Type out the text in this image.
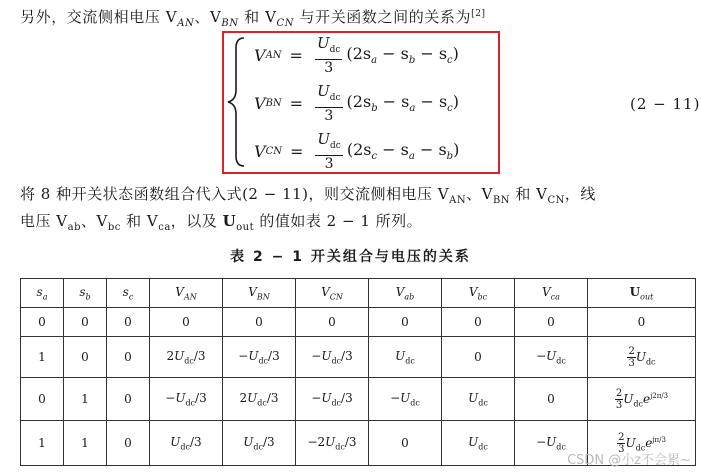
另外，交流侧相电压 $V_{AN}$、$V_{BN}$ 和 $V_{CN}$ 与开关函数之间的关系为[2]
V AN = $\frac{U_{dc}}{3} (2s_a - s_b - s_c)$
V BN = $\frac{U_{dc}}{3} (2s_b - s_a - s_c)$
V CN = $\frac{U_{dc}}{3} (2s_c - s_a - s_b)$
(2 − 11)
将 8 种开关状态函数组合代入式(2 − 11)，则交流侧相电压 $V_{AN}$、$V_{BN}$ 和 $V_{CN}$，线
电压 $V_{ab}$、$V_{bc}$ 和 $V_{ca}$，以及 $U_{out}$ 的值如表 2 − 1 所列。
表 2 − 1 开关组合与电压的关系
$s_a$	$s_b$	$s_c$	$V_{AN}$	$V_{BN}$	$V_{CN}$	$V_{ab}$	$V_{bc}$	$V_{ca}$	$U_{out}$
0	0	0	0	0	0	0	0	0	0
1	0	0	$2U_{dc}/3$	$-U_{dc}/3$	$-U_{dc}/3$	$U_{dc}$	0	$-U_{dc}$	$\frac{2}{3} U_{dc}$
0	1	0	$-U_{dc}/3$	$2U_{dc}/3$	$-U_{dc}/3$	$-U_{dc}$	$U_{dc}$	0	$\frac{2}{3} U_{dc}e^{j2\pi/3}$
1	1	0	$U_{dc}/3$	$U_{dc}/3$	$-2U_{dc}/3$	0	$U_{dc}$	$-U_{dc}$	$\frac{2}{3} U_{dc}e^{j\pi/3}$
CSDN @小z不会累~
